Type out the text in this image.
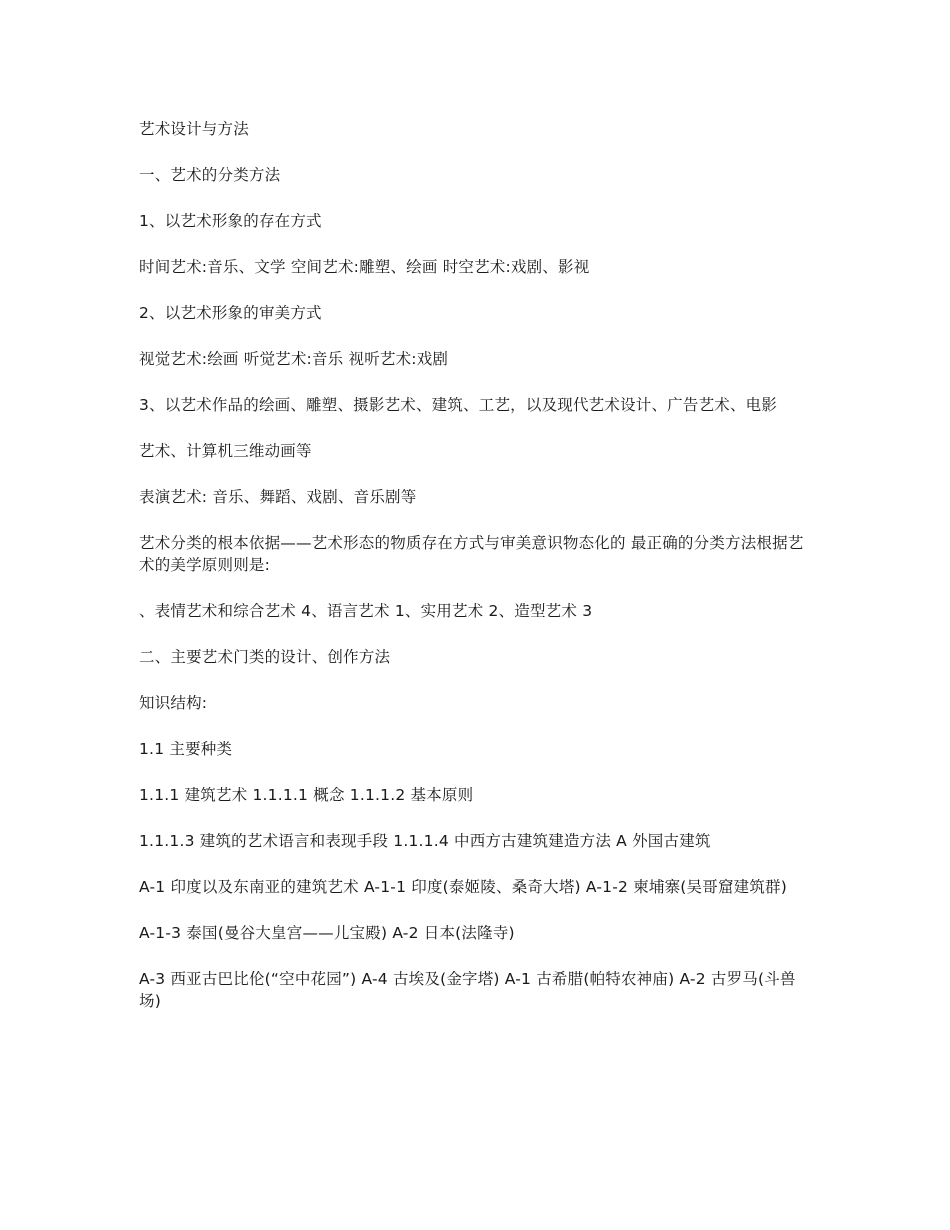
艺术设计与方法

一、艺术的分类方法

1、以艺术形象的存在方式

时间艺术:音乐、文学 空间艺术:雕塑、绘画 时空艺术:戏剧、影视

2、以艺术形象的审美方式

视觉艺术:绘画 听觉艺术:音乐 视听艺术:戏剧

3、以艺术作品的绘画、雕塑、摄影艺术、建筑、工艺，以及现代艺术设计、广告艺术、电影

艺术、计算机三维动画等

表演艺术: 音乐、舞蹈、戏剧、音乐剧等

艺术分类的根本依据——艺术形态的物质存在方式与审美意识物态化的 最正确的分类方法根据艺术的美学原则则是:

、表情艺术和综合艺术 4、语言艺术 1、实用艺术 2、造型艺术 3

二、主要艺术门类的设计、创作方法

知识结构:

1.1 主要种类

1.1.1 建筑艺术 1.1.1.1 概念 1.1.1.2 基本原则

1.1.1.3 建筑的艺术语言和表现手段 1.1.1.4 中西方古建筑建造方法 A 外国古建筑

A-1 印度以及东南亚的建筑艺术 A-1-1 印度(泰姬陵、桑奇大塔) A-1-2 柬埔寨(吴哥窟建筑群)

A-1-3 泰国(曼谷大皇宫——儿宝殿) A-2 日本(法隆寺)

A-3 西亚古巴比伦(“空中花园”) A-4 古埃及(金字塔) A-1 古希腊(帕特农神庙) A-2 古罗马(斗兽场)
